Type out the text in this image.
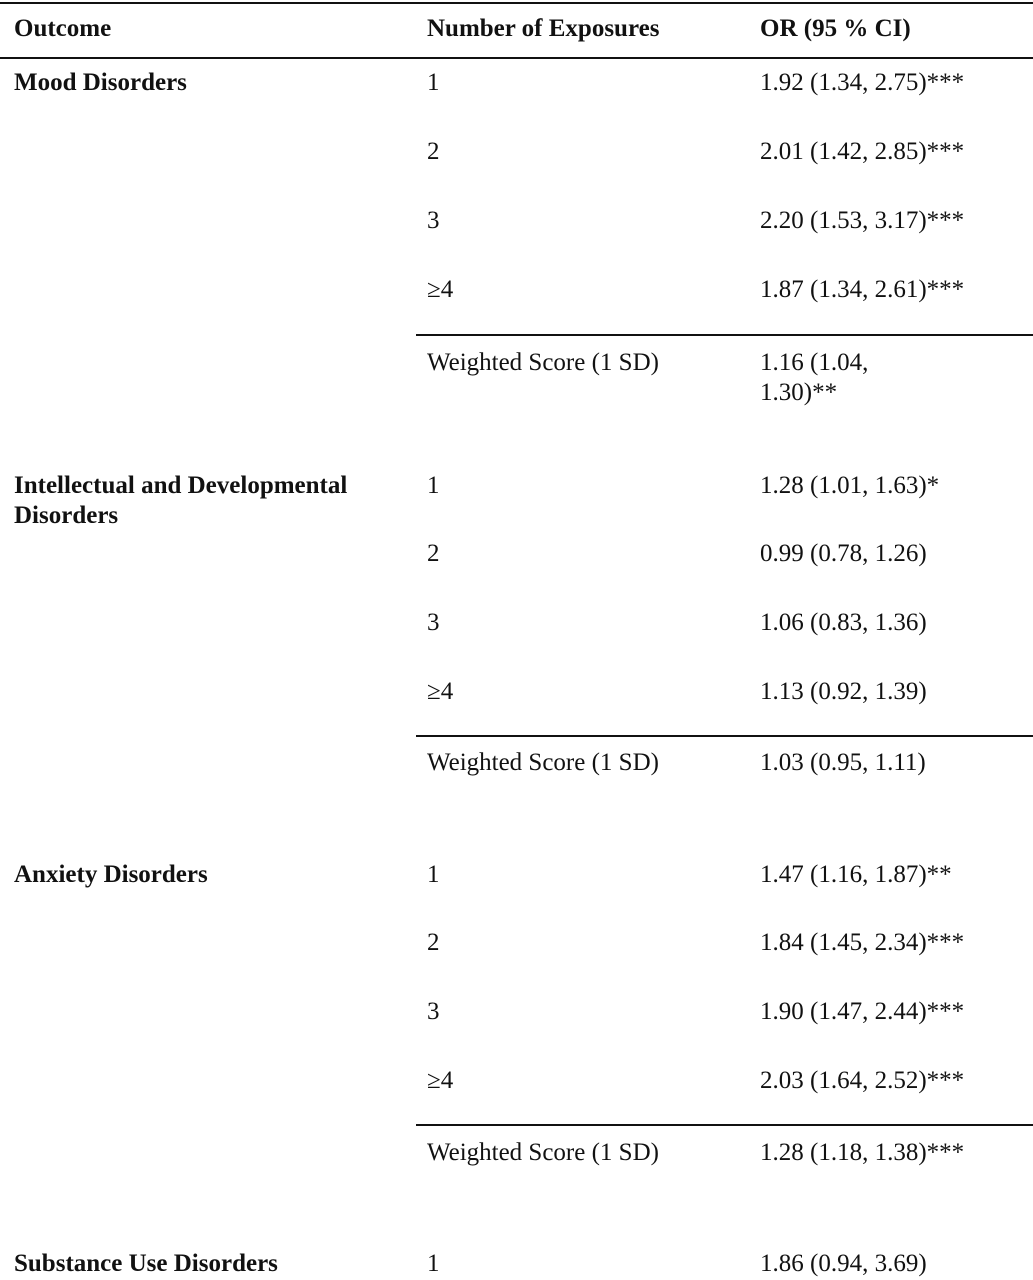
Outcome	Number of Exposures	OR (95 % CI)
Mood Disorders	1	1.92 (1.34, 2.75)***
2	2.01 (1.42, 2.85)***
3	2.20 (1.53, 3.17)***
≥4	1.87 (1.34, 2.61)***
Weighted Score (1 SD)	1.16 (1.04,
1.30)**
Intellectual and Developmental
Disorders
1	1.28 (1.01, 1.63)*
2	0.99 (0.78, 1.26)
3	1.06 (0.83, 1.36)
≥4	1.13 (0.92, 1.39)
Weighted Score (1 SD)	1.03 (0.95, 1.11)
Anxiety Disorders	1	1.47 (1.16, 1.87)**
2	1.84 (1.45, 2.34)***
3	1.90 (1.47, 2.44)***
≥4	2.03 (1.64, 2.52)***
Weighted Score (1 SD)	1.28 (1.18, 1.38)***
Substance Use Disorders	1	1.86 (0.94, 3.69)
